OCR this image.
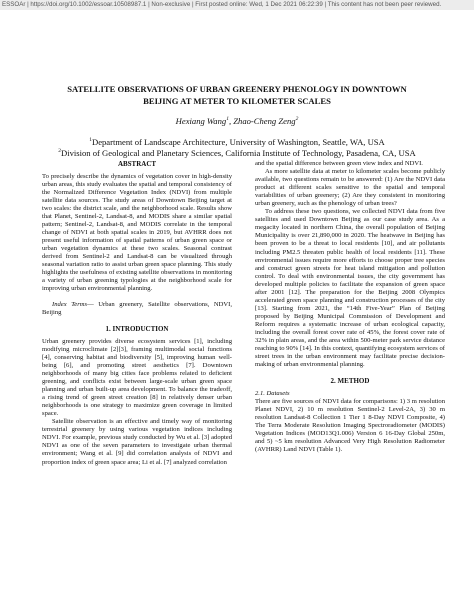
ESSOAr | https://doi.org/10.1002/essoar.10508987.1 | Non-exclusive | First posted online: Wed, 1 Dec 2021 06:22:39 | This content has not been peer reviewed.
SATELLITE OBSERVATIONS OF URBAN GREENERY PHENOLOGY IN DOWNTOWN
BEIJING AT METER TO KILOMETER SCALES
Hexiang Wang$^1$, Zhao-Cheng Zeng$^2$
$^1$Department of Landscape Architecture, University of Washington, Seattle, WA, USA
$^2$Division of Geological and Planetary Sciences, California Institute of Technology, Pasadena, CA, USA
ABSTRACT

To precisely describe the dynamics of vegetation cover in high-density urban areas, this study evaluates the spatial and temporal consistency of the Normalized Difference Vegetation Index (NDVI) from multiple satellite data sources. The study areas of Downtown Beijing target at two scales: the district scale, and the neighborhood scale. Results show that Planet, Sentinel-2, Landsat-8, and MODIS share a similar spatial pattern; Sentinel-2, Landsat-8, and MODIS correlate in the temporal change of NDVI at both spatial scales in 2019, but AVHRR does not present useful information of spatial patterns of urban green space or urban vegetation dynamics at these two scales. Seasonal contrast derived from Sentinel-2 and Landsat-8 can be visualized through seasonal variation ratio to assist urban green space planning. This study highlights the usefulness of existing satellite observations in monitoring a variety of urban greening typologies at the neighborhood scale for improving urban environmental planning.

Index Terms— Urban greenery, Satellite observations, NDVI, Beijing

1. INTRODUCTION

Urban greenery provides diverse ecosystem services [1], including modifying microclimate [2][3], framing multimodal social functions [4], conserving habitat and biodiversity [5], improving human well-being [6], and promoting street aesthetics [7]. Downtown neighborhoods of many big cities face problems related to deficient greening, and conflicts exist between large-scale urban green space planning and urban built-up area development. To balance the tradeoff, a rising trend of green street creation [8] in relatively denser urban neighborhoods is one strategy to maximize green coverage in limited space.

Satellite observation is an effective and timely way of monitoring terrestrial greenery by using various vegetation indices including NDVI. For example, previous study conducted by Wu et al. [3] adopted NDVI as one of the seven parameters to investigate urban thermal environment; Wang et al. [9] did correlation analysis of NDVI and proportion index of green space area; Li et al. [7] analyzed correlation

and the spatial difference between green view index and NDVI.

As more satellite data at meter to kilometer scales become publicly available, two questions remain to be answered: (1) Are the NDVI data product at different scales sensitive to the spatial and temporal variabilities of urban greenery; (2) Are they consistent in monitoring urban greenery, such as the phenology of urban trees?

To address these two questions, we collected NDVI data from five satellites and used Downtown Beijing as our case study area. As a megacity located in northern China, the overall population of Beijing Municipality is over 21,890,000 in 2020. The heatwave in Beijing has been proven to be a threat to local residents [10], and air pollutants including PM2.5 threaten public health of local residents [11]. These environmental issues require more efforts to choose proper tree species and construct green streets for heat island mitigation and pollution control. To deal with environmental issues, the city government has developed multiple policies to facilitate the expansion of green space after 2001 [12]. The preparation for the Beijing 2008 Olympics accelerated green space planning and construction processes of the city [13]. Starting from 2021, the “14th Five-Year” Plan of Beijing proposed by Beijing Municipal Commission of Development and Reform requires a systematic increase of urban ecological capacity, including the overall forest cover rate of 45%, the forest cover rate of 32% in plain areas, and the area within 500-meter park service distance reaching to 90% [14]. In this context, quantifying ecosystem services of street trees in the urban environment may facilitate precise decision-making of urban environmental planning.

2. METHOD

2.1. Datasets

There are five sources of NDVI data for comparisons: 1) 3 m resolution Planet NDVI, 2) 10 m resolution Sentinel-2 Level-2A, 3) 30 m resolution Landsat-8 Collection 1 Tier 1 8-Day NDVI Composite, 4) The Terra Moderate Resolution Imaging Spectroradiometer (MODIS) Vegetation Indices (MOD13Q1.006) Version 6 16-Day Global 250m, and 5) ~5 km resolution Advanced Very High Resolution Radiometer (AVHRR) Land NDVI (Table 1).
